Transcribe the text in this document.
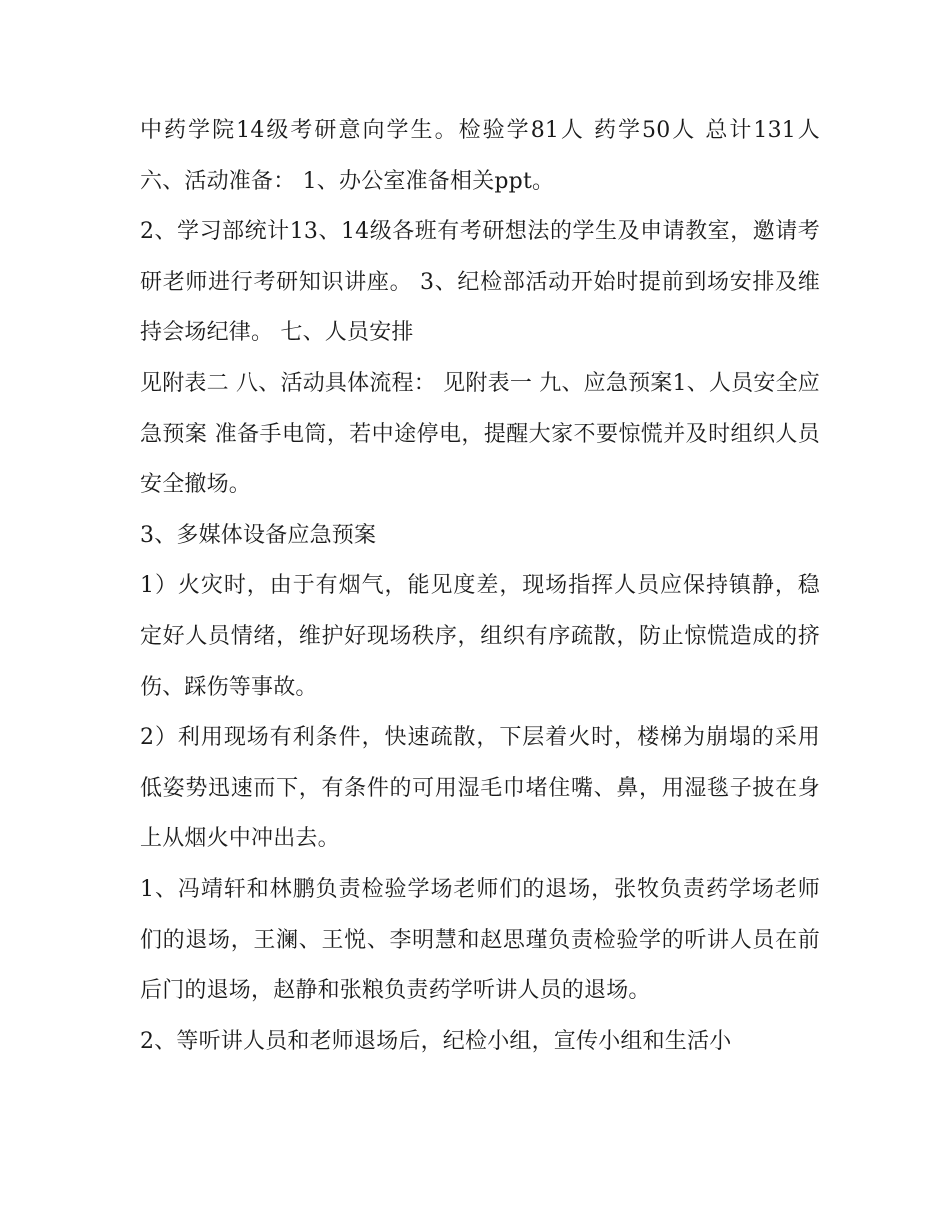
中药学院14级考研意向学生。检验学81人 药学50人 总计131人 六、活动准备： 1、办公室准备相关ppt。

2、学习部统计13、14级各班有考研想法的学生及申请教室，邀请考研老师进行考研知识讲座。 3、纪检部活动开始时提前到场安排及维持会场纪律。 七、人员安排

见附表二 八、活动具体流程： 见附表一 九、应急预案1、人员安全应急预案 准备手电筒，若中途停电，提醒大家不要惊慌并及时组织人员安全撤场。

3、多媒体设备应急预案

1）火灾时，由于有烟气，能见度差，现场指挥人员应保持镇静，稳定好人员情绪，维护好现场秩序，组织有序疏散，防止惊慌造成的挤伤、踩伤等事故。

2）利用现场有利条件，快速疏散，下层着火时，楼梯为崩塌的采用低姿势迅速而下，有条件的可用湿毛巾堵住嘴、鼻，用湿毯子披在身上从烟火中冲出去。

1、冯靖轩和林鹏负责检验学场老师们的退场，张牧负责药学场老师们的退场，王澜、王悦、李明慧和赵思瑾负责检验学的听讲人员在前后门的退场，赵静和张粮负责药学听讲人员的退场。

2、等听讲人员和老师退场后，纪检小组，宣传小组和生活小
